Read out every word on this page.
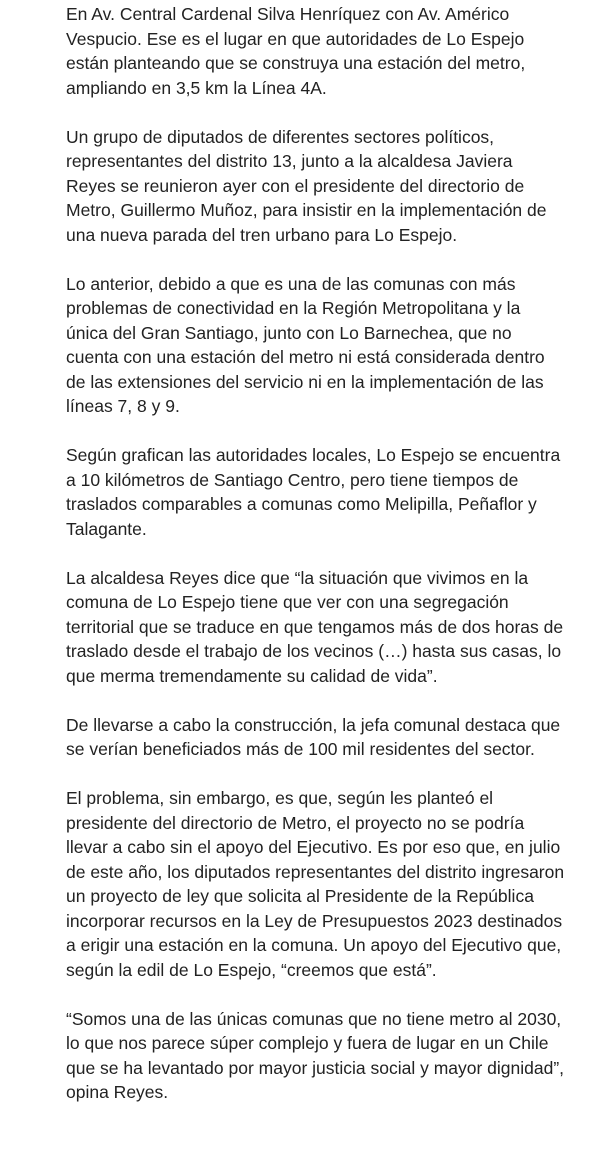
En Av. Central Cardenal Silva Henríquez con Av. Américo Vespucio. Ese es el lugar en que autoridades de Lo Espejo están planteando que se construya una estación del metro, ampliando en 3,5 km la Línea 4A.

Un grupo de diputados de diferentes sectores políticos, representantes del distrito 13, junto a la alcaldesa Javiera Reyes se reunieron ayer con el presidente del directorio de Metro, Guillermo Muñoz, para insistir en la implementación de una nueva parada del tren urbano para Lo Espejo.

Lo anterior, debido a que es una de las comunas con más problemas de conectividad en la Región Metropolitana y la única del Gran Santiago, junto con Lo Barnechea, que no cuenta con una estación del metro ni está considerada dentro de las extensiones del servicio ni en la implementación de las líneas 7, 8 y 9.

Según grafican las autoridades locales, Lo Espejo se encuentra a 10 kilómetros de Santiago Centro, pero tiene tiempos de traslados comparables a comunas como Melipilla, Peñaflor y Talagante.

La alcaldesa Reyes dice que “la situación que vivimos en la comuna de Lo Espejo tiene que ver con una segregación territorial que se traduce en que tengamos más de dos horas de traslado desde el trabajo de los vecinos (…) hasta sus casas, lo que merma tremendamente su calidad de vida”.

De llevarse a cabo la construcción, la jefa comunal destaca que se verían beneficiados más de 100 mil residentes del sector.

El problema, sin embargo, es que, según les planteó el presidente del directorio de Metro, el proyecto no se podría llevar a cabo sin el apoyo del Ejecutivo. Es por eso que, en julio de este año, los diputados representantes del distrito ingresaron un proyecto de ley que solicita al Presidente de la República incorporar recursos en la Ley de Presupuestos 2023 destinados a erigir una estación en la comuna. Un apoyo del Ejecutivo que, según la edil de Lo Espejo, “creemos que está”.

“Somos una de las únicas comunas que no tiene metro al 2030, lo que nos parece súper complejo y fuera de lugar en un Chile que se ha levantado por mayor justicia social y mayor dignidad”, opina Reyes.
